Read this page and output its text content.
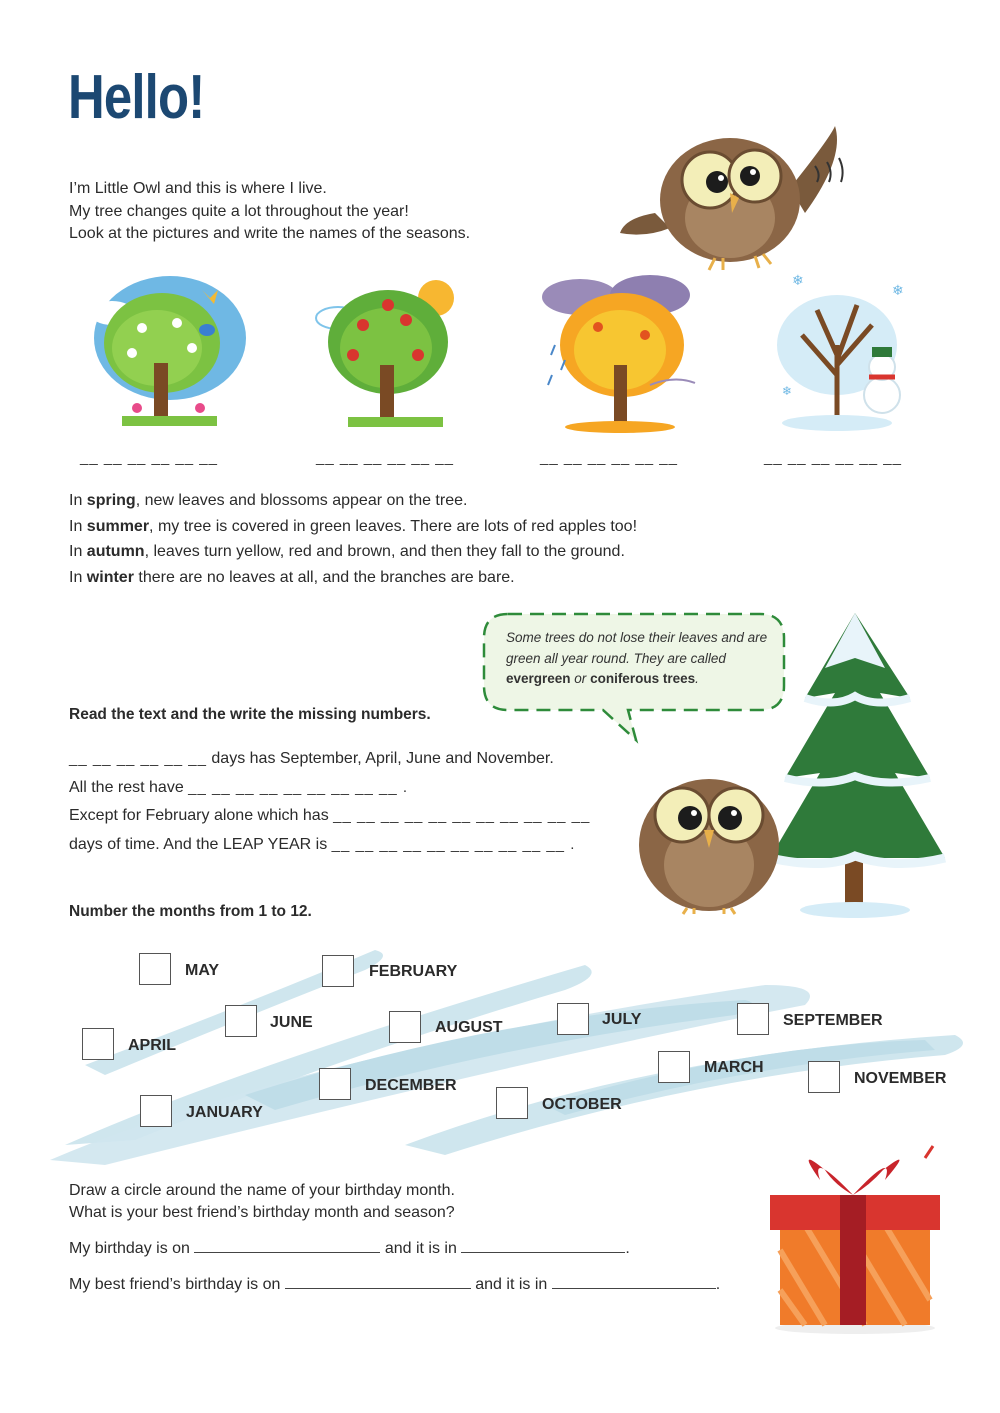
Hello!
I’m Little Owl and this is where I live.
My tree changes quite a lot throughout the year!
Look at the pictures and write the names of the seasons.
❄
❄
❄
__ __ __ __ __ __	__ __ __ __ __ __	__ __ __ __ __ __	__ __ __ __ __ __
In spring, new leaves and blossoms appear on the tree.
In summer, my tree is covered in green leaves. There are lots of red apples too!
In autumn, leaves turn yellow, red and brown, and then they fall to the ground.
In winter there are no leaves at all, and the branches are bare.
Some trees do not lose their leaves and are green all year round. They are called evergreen or coniferous trees.
Read the text and the write the missing numbers.
__ __ __ __ __ __ days has September, April, June and November.
All the rest have __ __ __ __ __ __ __ __ __ .
Except for February alone which has __ __ __ __ __ __ __ __ __ __ __
days of time. And the LEAP YEAR is __ __ __ __ __ __ __ __ __ __ .
Number the months from 1 to 12.
MAY	FEBRUARY
JUNE	AUGUST	JULY	SEPTEMBER
APRIL
MARCH
NOVEMBER
DECEMBER
OCTOBER
JANUARY
Draw a circle around the name of your birthday month.
What is your best friend’s birthday month and season?
My birthday is on	and it is in	.
My best friend’s birthday is on	and it is in	.
